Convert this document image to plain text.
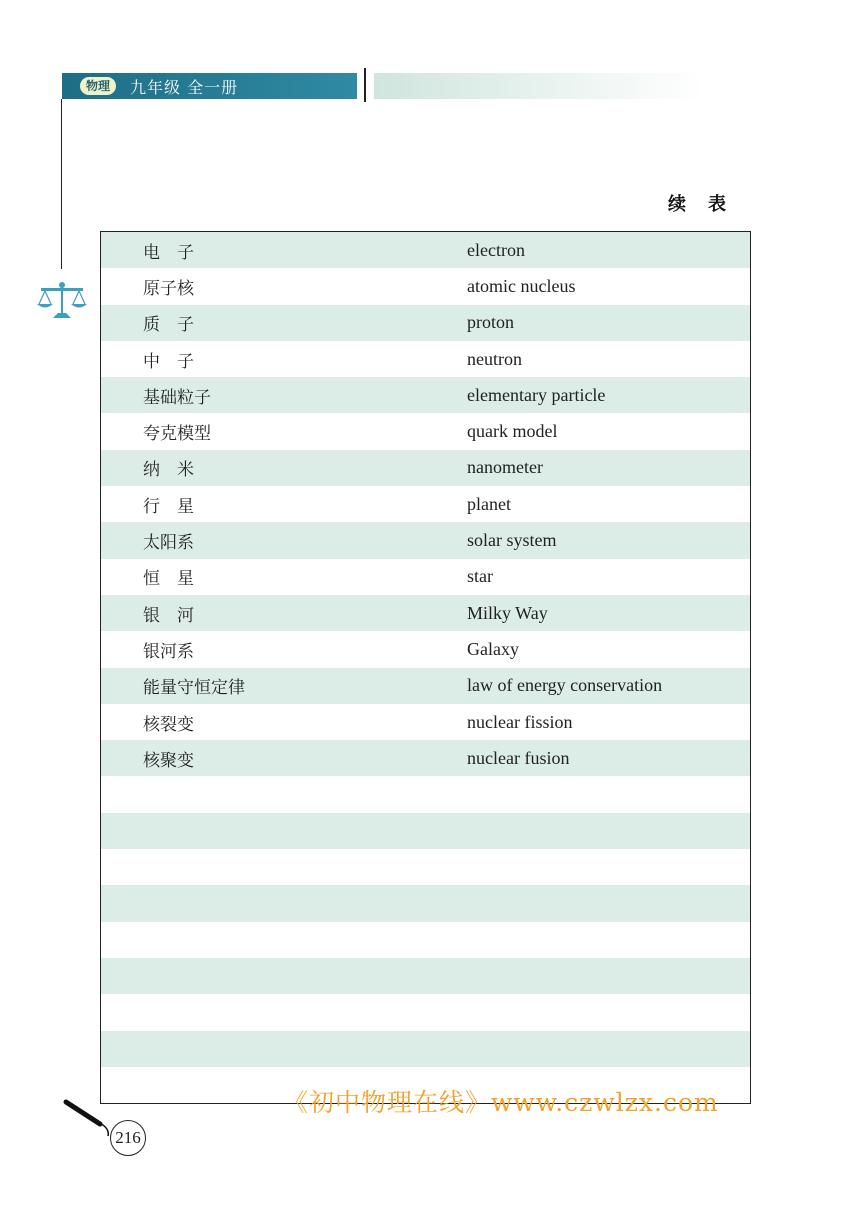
物理	九年级 全一册
续表
电　子	electron
原子核	atomic nucleus
质　子	proton
中　子	neutron
基础粒子	elementary particle
夸克模型	quark model
纳　米	nanometer
行　星	planet
太阳系	solar system
恒　星	star
银　河	Milky Way
银河系	Galaxy
能量守恒定律	law of energy conservation
核裂变	nuclear fission
核聚变	nuclear fusion
《初中物理在线》www.czwlzx.com
216
